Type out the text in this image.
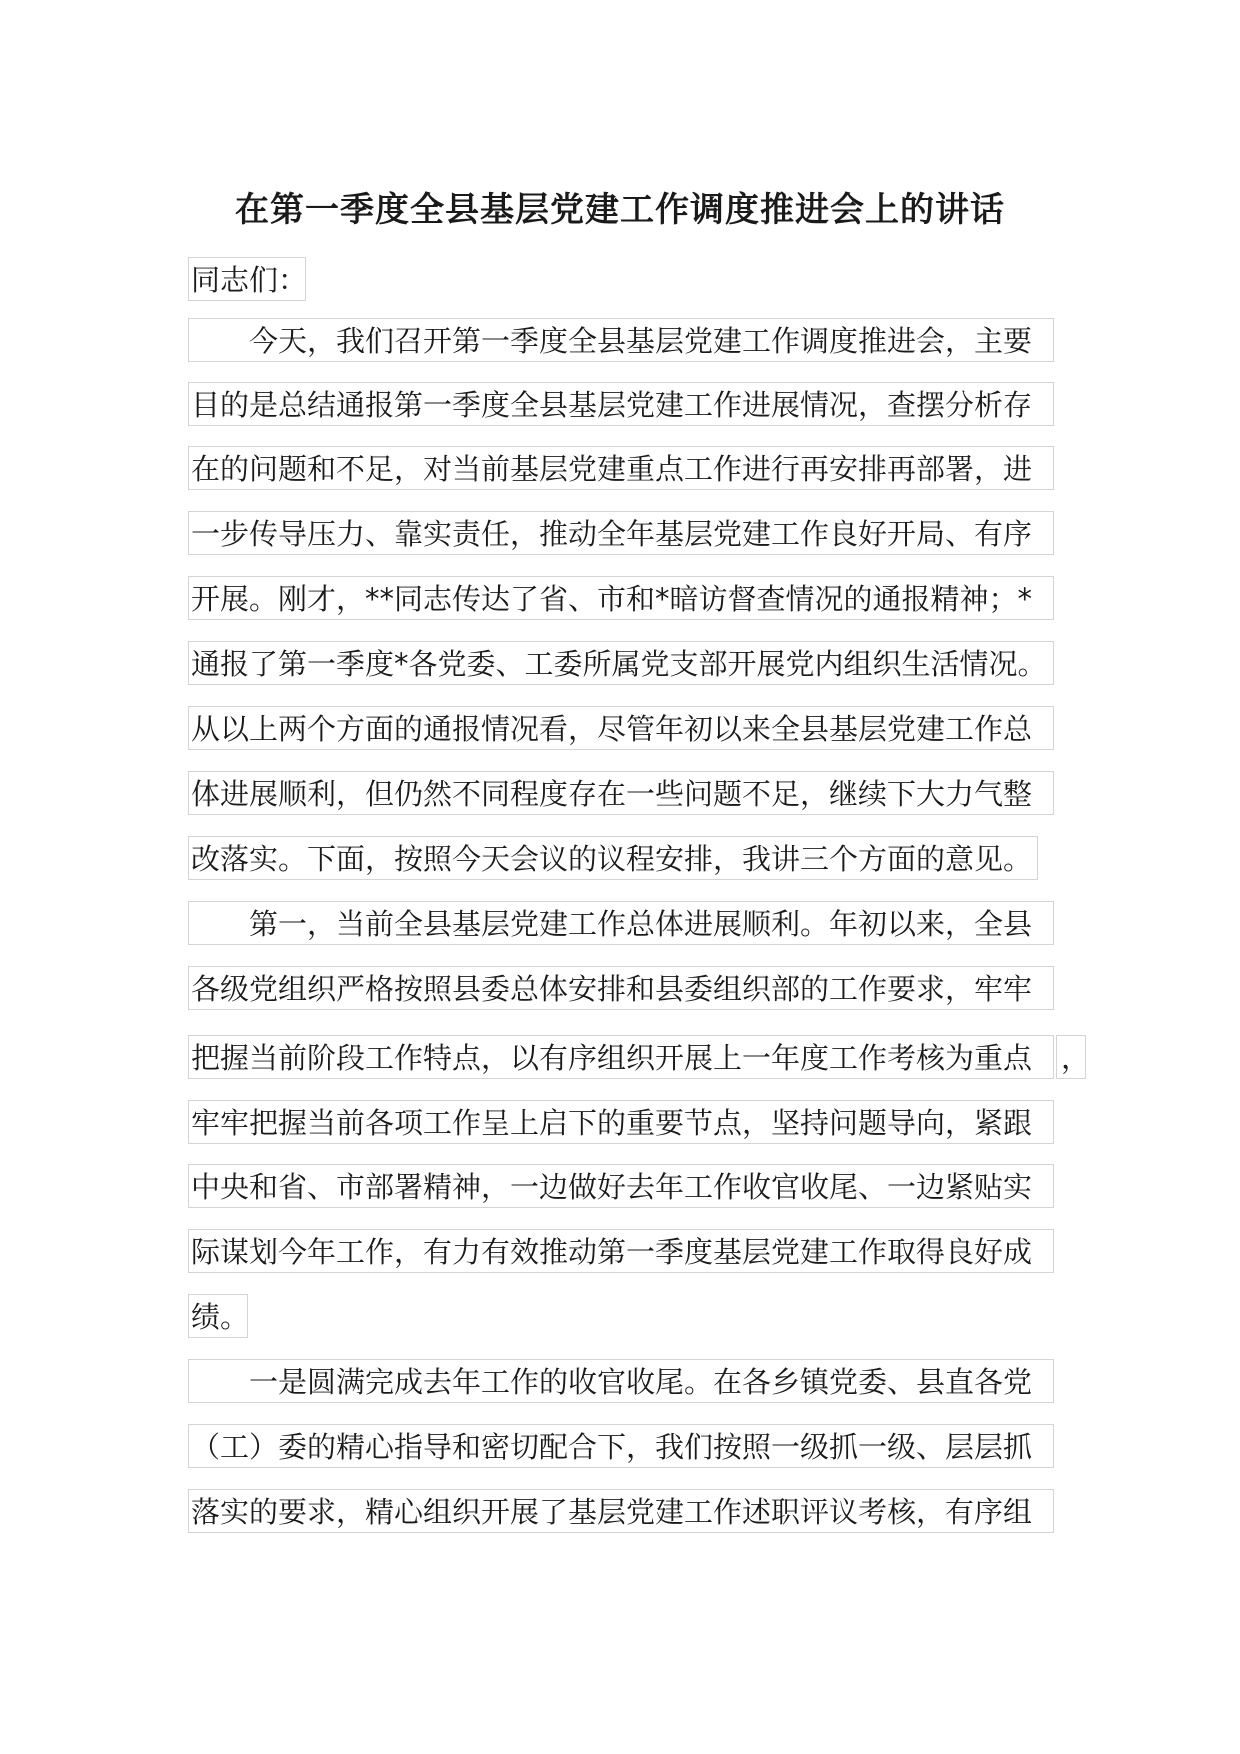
在第一季度全县基层党建工作调度推进会上的讲话
同志们：
今天，我们召开第一季度全县基层党建工作调度推进会，主要
目的是总结通报第一季度全县基层党建工作进展情况，查摆分析存
在的问题和不足，对当前基层党建重点工作进行再安排再部署，进
一步传导压力、靠实责任，推动全年基层党建工作良好开局、有序
开展。刚才，**同志传达了省、市和*暗访督查情况的通报精神；*
通报了第一季度*各党委、工委所属党支部开展党内组织生活情况。
从以上两个方面的通报情况看，尽管年初以来全县基层党建工作总
体进展顺利，但仍然不同程度存在一些问题不足，继续下大力气整
改落实。下面，按照今天会议的议程安排，我讲三个方面的意见。
第一，当前全县基层党建工作总体进展顺利。年初以来，全县
各级党组织严格按照县委总体安排和县委组织部的工作要求，牢牢
把握当前阶段工作特点，以有序组织开展上一年度工作考核为重点 ，
牢牢把握当前各项工作呈上启下的重要节点，坚持问题导向，紧跟
中央和省、市部署精神，一边做好去年工作收官收尾、一边紧贴实
际谋划今年工作，有力有效推动第一季度基层党建工作取得良好成
绩。
一是圆满完成去年工作的收官收尾。在各乡镇党委、县直各党
（工）委的精心指导和密切配合下，我们按照一级抓一级、层层抓
落实的要求，精心组织开展了基层党建工作述职评议考核，有序组
